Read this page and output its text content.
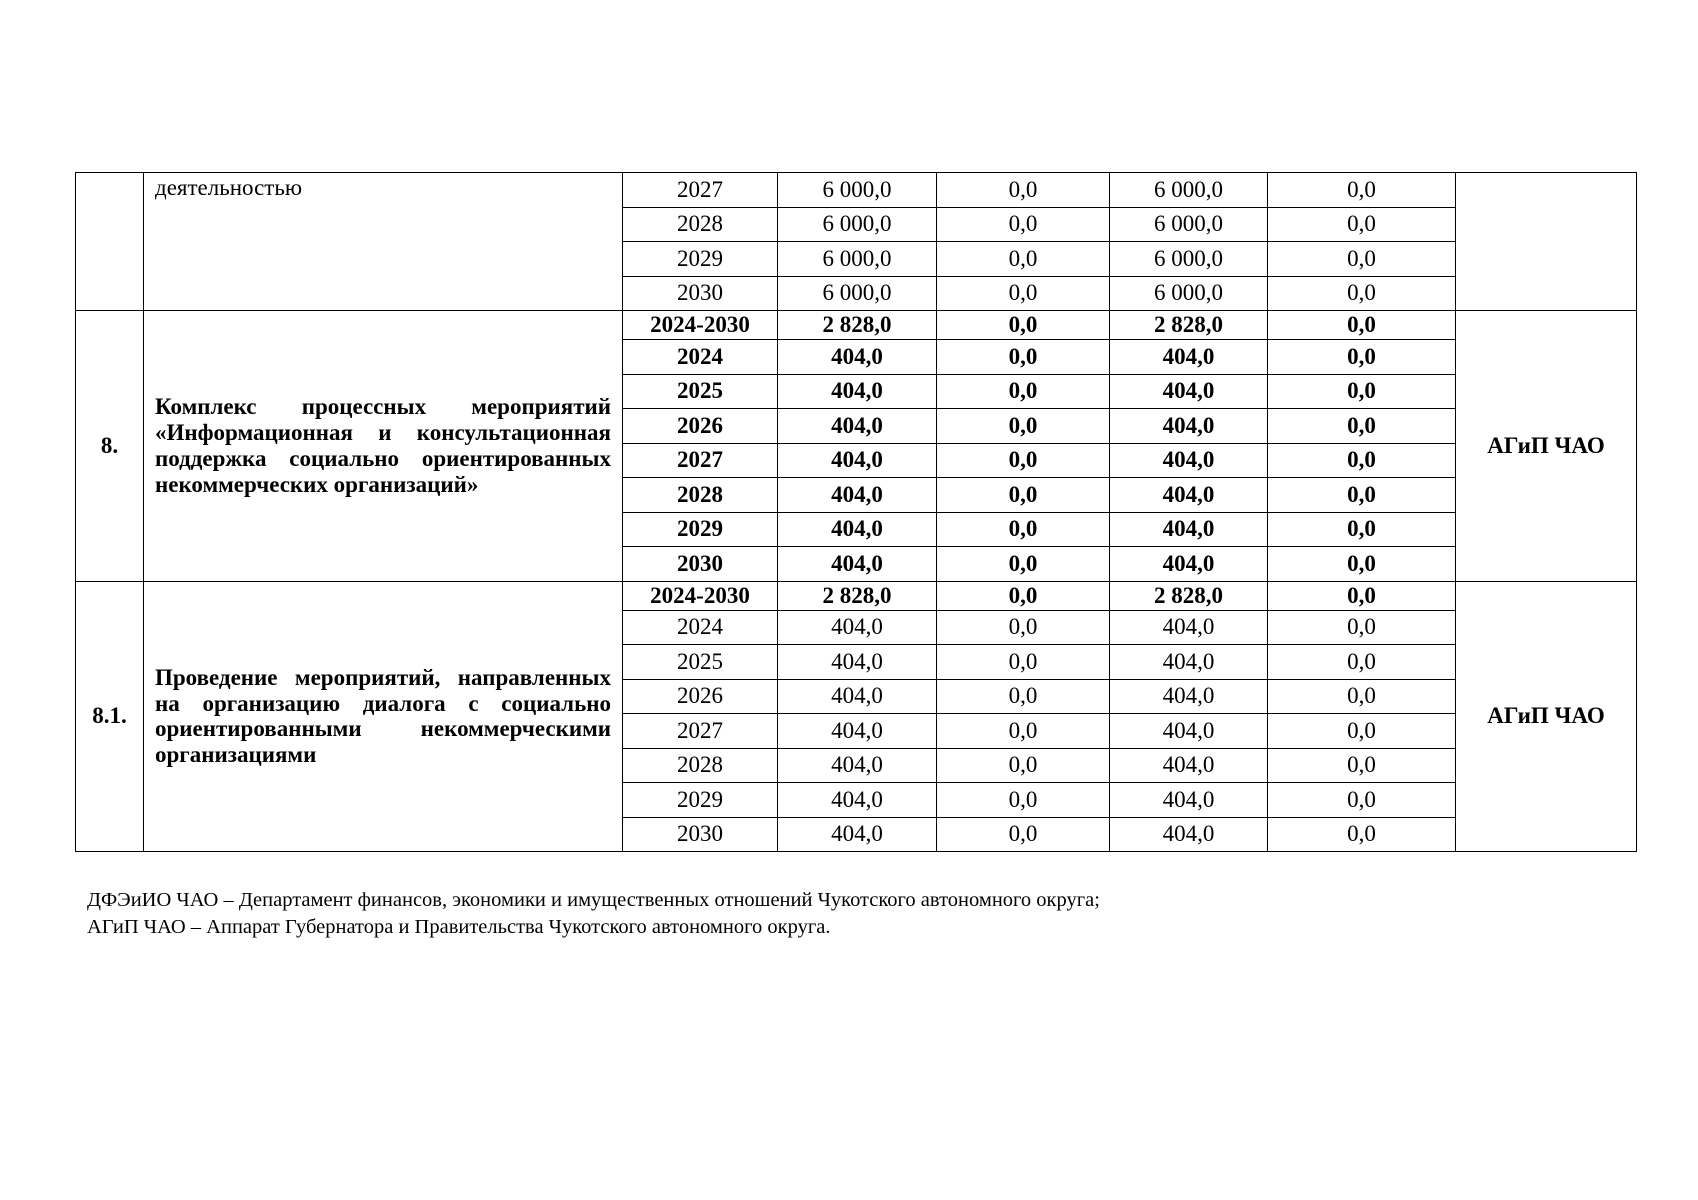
	деятельностью	2027	6 000,0	0,0	6 000,0	0,0	
		2028	6 000,0	0,0	6 000,0	0,0	
		2029	6 000,0	0,0	6 000,0	0,0	
		2030	6 000,0	0,0	6 000,0	0,0	
8.	Комплекс процессных мероприятий «Информационная и консультационная поддержка социально ориентированных некоммерческих организаций»	2024-2030	2 828,0	0,0	2 828,0	0,0	АГиП ЧАО
		2024	404,0	0,0	404,0	0,0	
		2025	404,0	0,0	404,0	0,0	
		2026	404,0	0,0	404,0	0,0	
		2027	404,0	0,0	404,0	0,0	
		2028	404,0	0,0	404,0	0,0	
		2029	404,0	0,0	404,0	0,0	
		2030	404,0	0,0	404,0	0,0	
8.1.	Проведение мероприятий, направленных на организацию диалога с социально ориентированными некоммерческими организациями	2024-2030	2 828,0	0,0	2 828,0	0,0	АГиП ЧАО
		2024	404,0	0,0	404,0	0,0	
		2025	404,0	0,0	404,0	0,0	
		2026	404,0	0,0	404,0	0,0	
		2027	404,0	0,0	404,0	0,0	
		2028	404,0	0,0	404,0	0,0	
		2029	404,0	0,0	404,0	0,0	
		2030	404,0	0,0	404,0	0,0	
ДФЭиИО ЧАО – Департамент финансов, экономики и имущественных отношений Чукотского автономного округа;
АГиП ЧАО – Аппарат Губернатора и Правительства Чукотского автономного округа.
